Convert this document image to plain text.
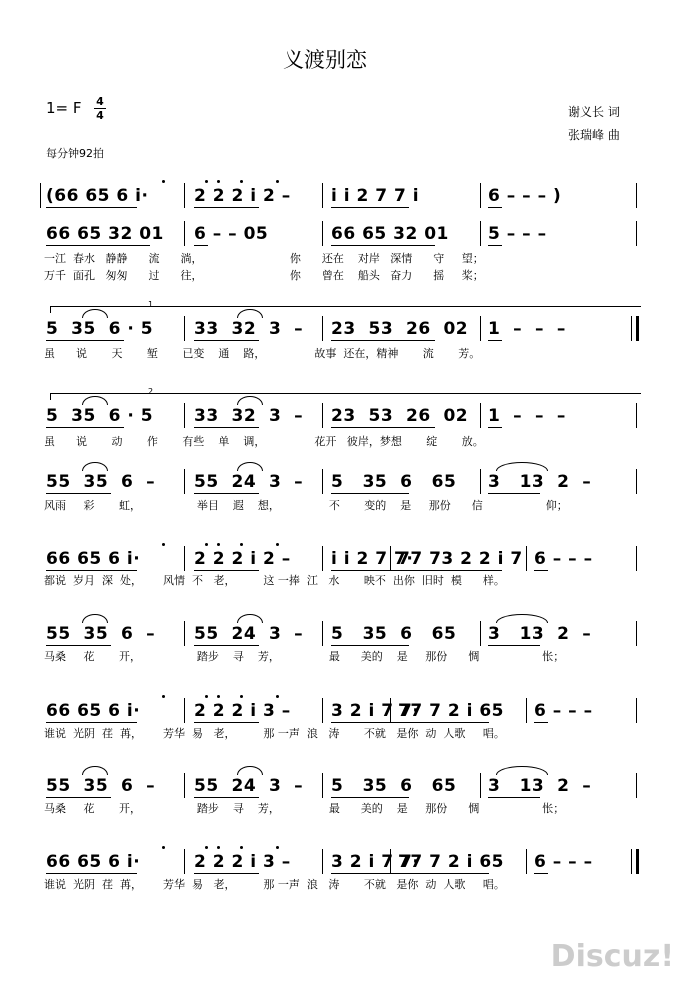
义渡别恋
1= F 4
4
每分钟92拍
谢义长 词
张瑞峰 曲
(66 65 6 i·	2 2 2 i 2 – i i 2 7 7 i	6 – – – )
66 65 32 01 6 – – 05	66 65 32 01 5 – – –
一江  春水   静静      流      淌，                         你      还在    对岸   深情      守     望；
万千  面孔   匆匆      过      往，                         你      曾在    船头   奋力      摇     桨；
5  35  6 · 5 33  32  3  – 23  53  26  02 1  –  –  –
1
虽      说       天       堑       已变    通    路，              故事  还在，精神       流       芳。
5  35  6 · 5 33  32  3  – 23  53  26  02 1  –  –  –
2
虽      说       动       作       有些    单    调，              花开   彼岸，梦想       绽       放。
55  35  6  – 55  24  3  – 5   35  6   65 3   13  2  –
风雨     彩       虹，                举目    遐    想，              不       变的    是     那份      信                  仰；
66 65 6 i·	2 2 2 i 2 – i i 2 7 7·
77 73 2 2 i 7 6 – – –
都说  岁月  深  处，      风情  不   老，        这 一捧  江   水       映不  出你  旧时  模      样。
55  35  6  – 55  24  3  – 5   35  6   65 3   13  2  –
马桑     花       开，                踏步    寻    芳，              最      美的    是     那份      惆                  怅；
66 65 6 i·	2 2 2 i 3 – 3 2 i 7 7·
77 7 2 i 65 6 – – –
谁说  光阴  荏  苒，      芳华  易   老，        那 一声  浪   涛       不就   是你  动  人歌     唱。
55  35  6  – 55  24  3  – 5   35  6   65 3   13  2  –
马桑     花       开，                踏步    寻    芳，              最      美的    是     那份      惆                  怅；
66 65 6 i·	2 2 2 i 3 – 3 2 i 7 7·
77 7 2 i 65 6 – – –
谁说  光阴  荏  苒，      芳华  易   老，        那 一声  浪   涛       不就   是你  动  人歌     唱。
Discuz!
